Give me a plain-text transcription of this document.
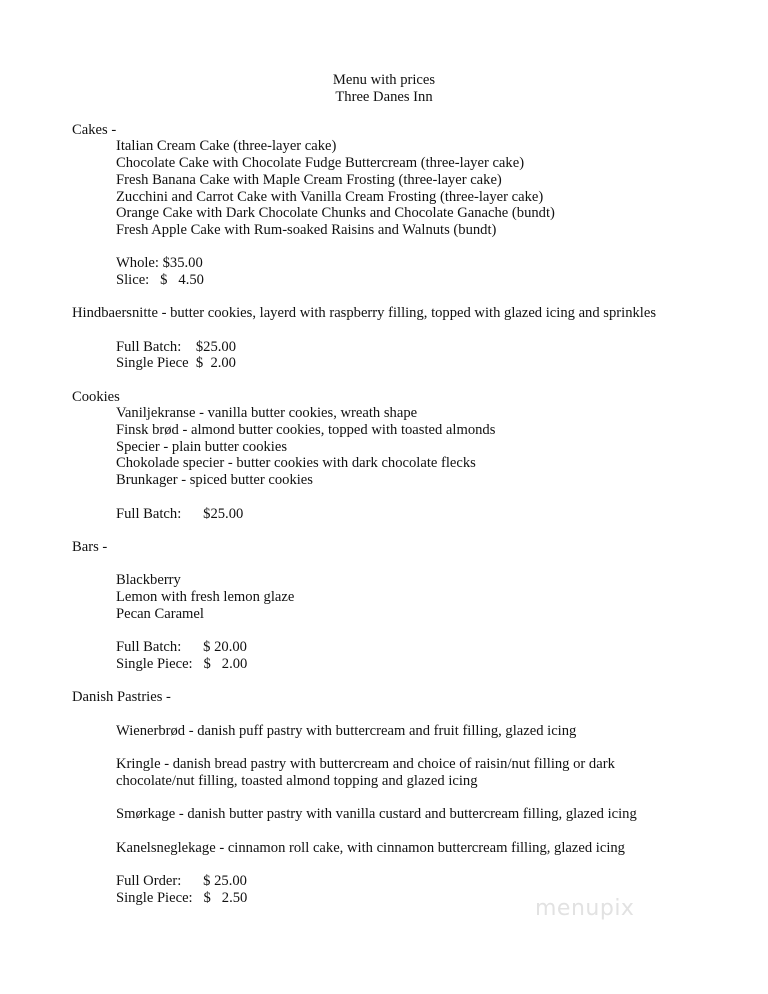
Menu with prices
Three Danes Inn
Cakes -
Italian Cream Cake (three-layer cake)
Chocolate Cake with Chocolate Fudge Buttercream (three-layer cake)
Fresh Banana Cake with Maple Cream Frosting (three-layer cake)
Zucchini and Carrot Cake with Vanilla Cream Frosting (three-layer cake)
Orange Cake with Dark Chocolate Chunks and Chocolate Ganache (bundt)
Fresh Apple Cake with Rum-soaked Raisins and Walnuts (bundt)
Whole: $35.00
Slice:   $   4.50
Hindbaersnitte - butter cookies, layerd with raspberry filling, topped with glazed icing and sprinkles
Full Batch:    $25.00
Single Piece  $  2.00
Cookies
Vaniljekranse - vanilla butter cookies, wreath shape
Finsk brød - almond butter cookies, topped with toasted almonds
Specier - plain butter cookies
Chokolade specier - butter cookies with dark chocolate flecks
Brunkager - spiced butter cookies
Full Batch:      $25.00
Bars -
Blackberry
Lemon with fresh lemon glaze
Pecan Caramel
Full Batch:      $ 20.00
Single Piece:   $   2.00
Danish Pastries -
Wienerbrød - danish puff pastry with buttercream and fruit filling, glazed icing
Kringle - danish bread pastry with buttercream and choice of raisin/nut filling or dark
chocolate/nut filling, toasted almond topping and glazed icing
Smørkage - danish butter pastry with vanilla custard and buttercream filling, glazed icing
Kanelsneglekage - cinnamon roll cake, with cinnamon buttercream filling, glazed icing
Full Order:      $ 25.00
Single Piece:   $   2.50	menupix
